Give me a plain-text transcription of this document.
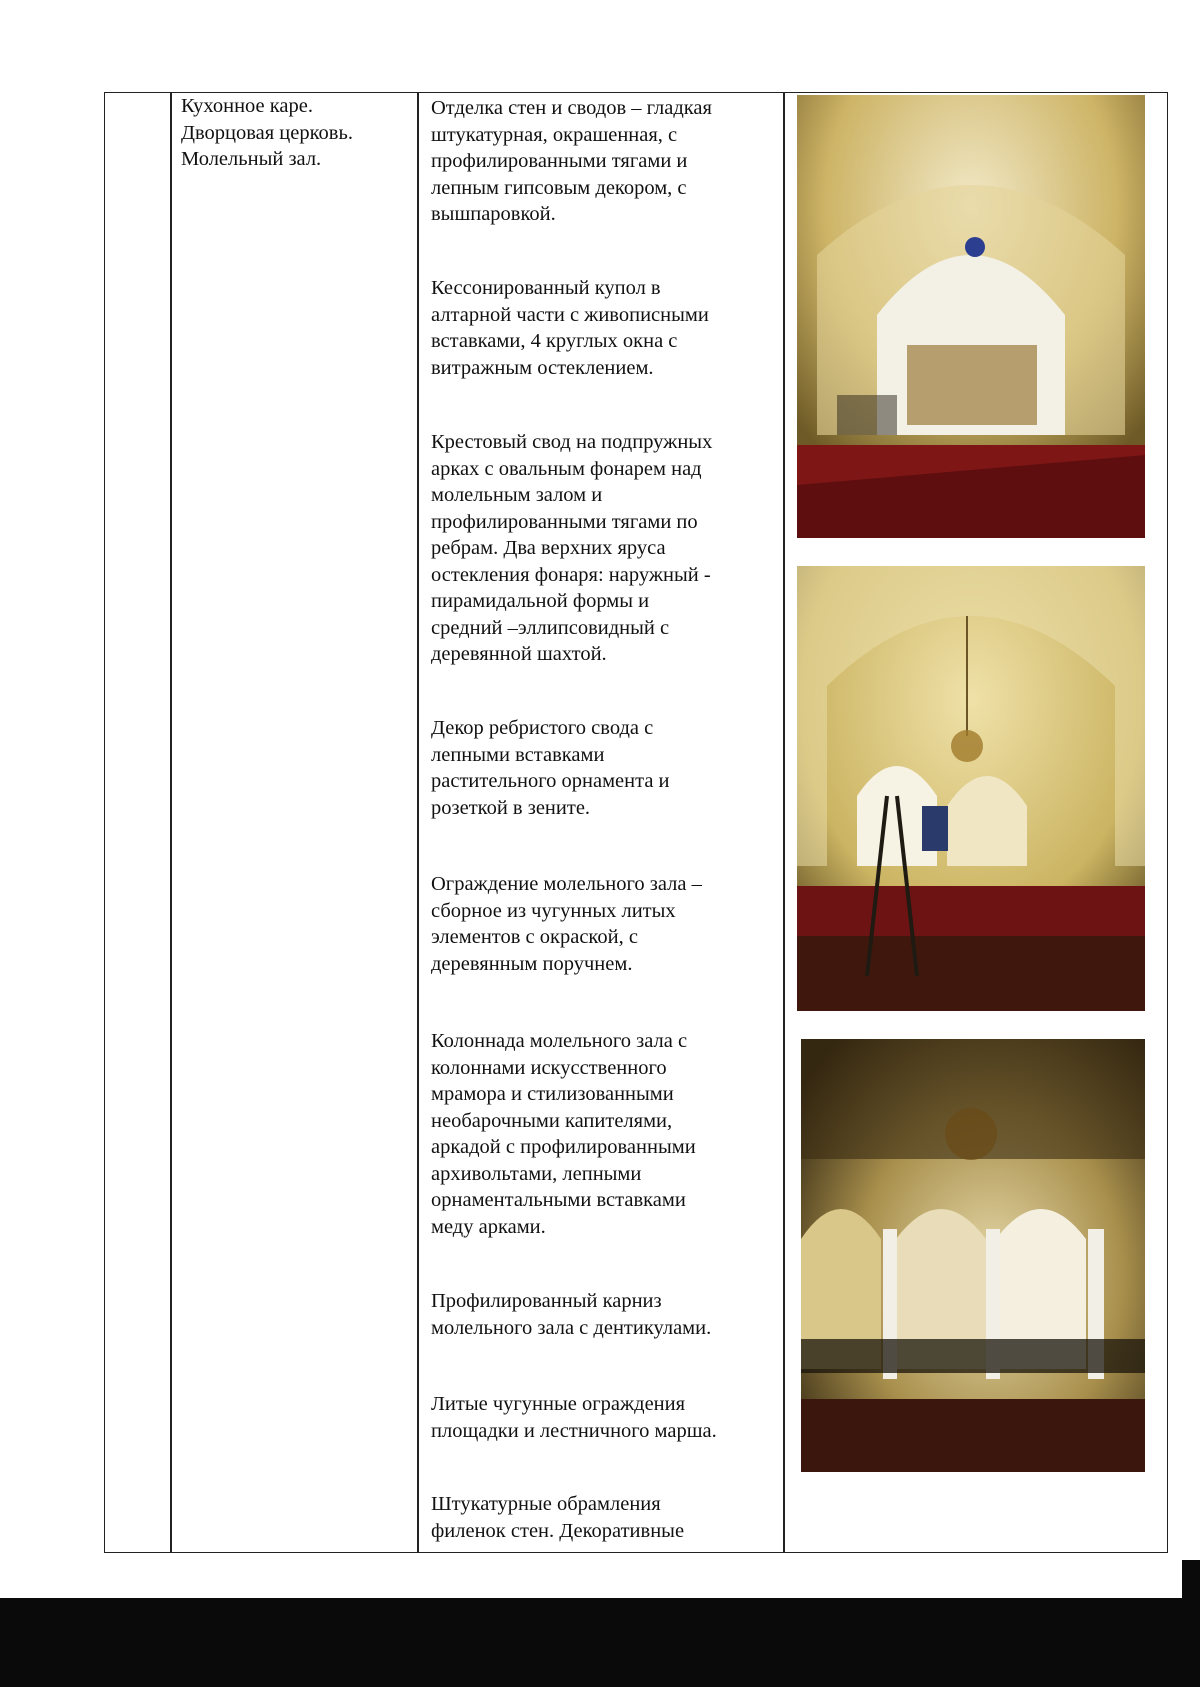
Кухонное каре.
Дворцовая церковь.
Молельный зал.
Отделка стен и сводов – гладкая
штукатурная, окрашенная, с
профилированными тягами и
лепным гипсовым декором, с
вышпаровкой.
Кессонированный купол в
алтарной части с живописными
вставками, 4 круглых окна с
витражным остеклением.
Крестовый свод на подпружных
арках с овальным фонарем над
молельным залом и
профилированными тягами по
ребрам. Два верхних яруса
остекления фонаря: наружный -
пирамидальной формы и
средний –эллипсовидный с
деревянной шахтой.
Декор ребристого свода с
лепными вставками
растительного орнамента и
розеткой в зените.
Ограждение молельного зала –
сборное из чугунных литых
элементов с окраской, с
деревянным поручнем.
Колоннада молельного зала с
колоннами искусственного
мрамора и стилизованными
необарочными капителями,
аркадой с профилированными
архивольтами, лепными
орнаментальными вставками
меду арками.
Профилированный карниз
молельного зала с дентикулами.
Литые чугунные ограждения
площадки и лестничного марша.
Штукатурные обрамления
филенок стен. Декоративные
